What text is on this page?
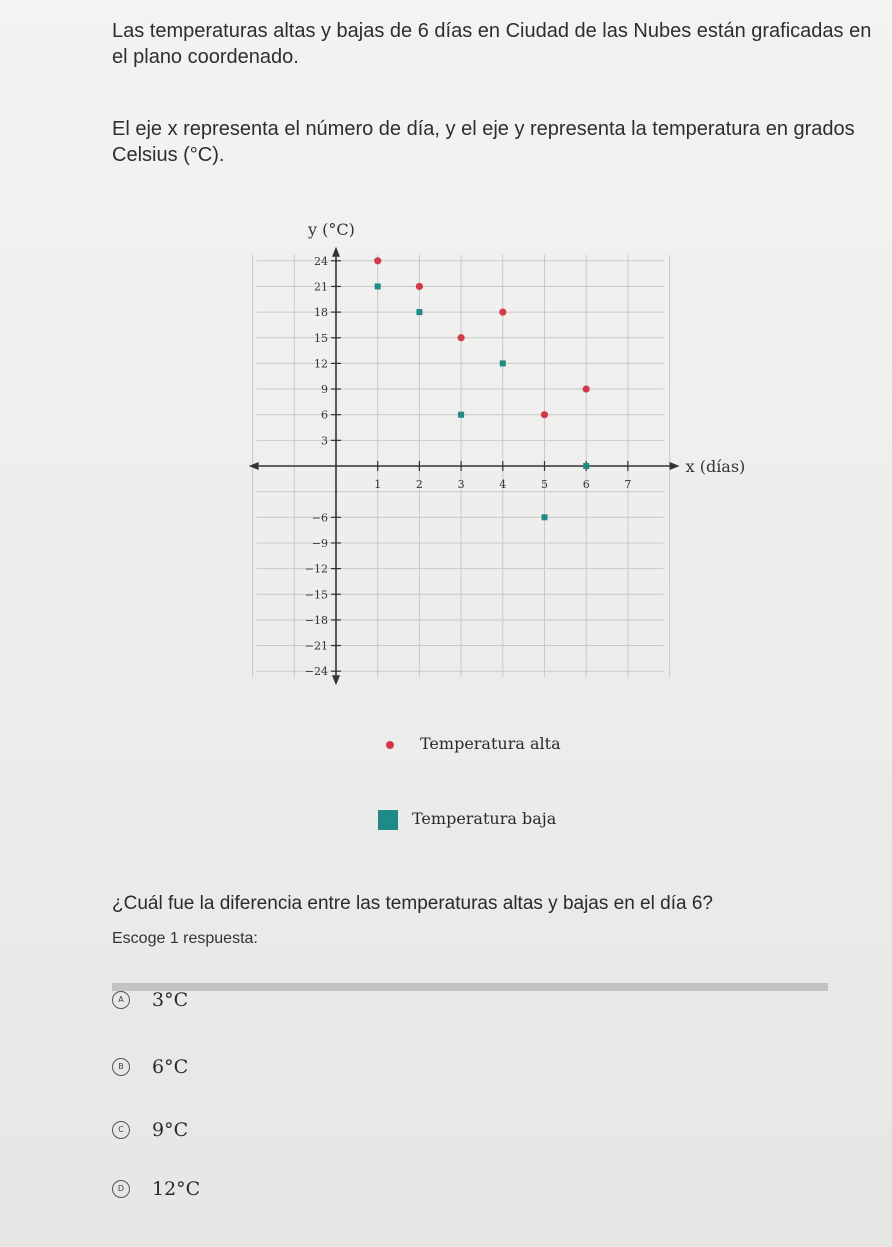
Las temperaturas altas y bajas de 6 días en Ciudad de las Nubes están graficadas en el plano coordenado.

El eje x representa el número de día, y el eje y representa la temperatura en grados Celsius (°C).

1	2	3	4	5	6	7
24
21
18
15
12
9
6
3
−6
−9
−12
−15
−18
−21
−24
y (°C)
x (días)
Temperatura alta
Temperatura baja
¿Cuál fue la diferencia entre las temperaturas altas y bajas en el día 6?
Escoge 1 respuesta:
A	3°C
B	6°C
C	9°C
D	12°C
